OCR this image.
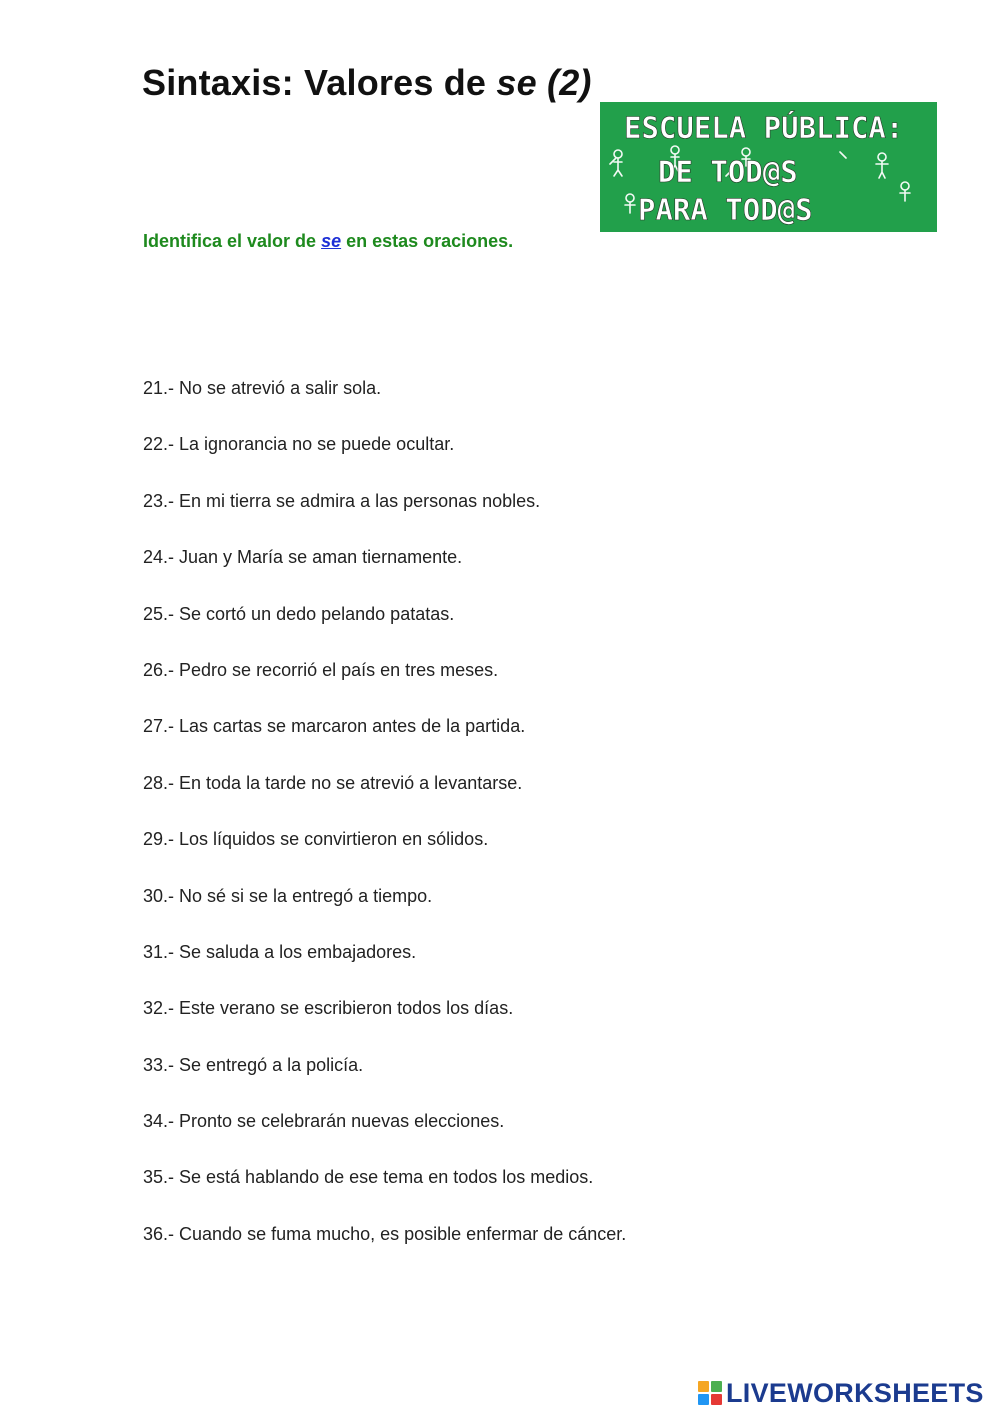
Sintaxis: Valores de se (2)
ESCUELA PÚBLICA:
DE TOD@S
PARA TOD@S

Identifica el valor de se en estas oraciones.

21.- No se atrevió a salir sola.
22.- La ignorancia no se puede ocultar.
23.- En mi tierra se admira a las personas nobles.
24.- Juan y María se aman tiernamente.
25.- Se cortó un dedo pelando patatas.
26.- Pedro se recorrió el país en tres meses.
27.- Las cartas se marcaron antes de la partida.
28.- En toda la tarde no se atrevió a levantarse.
29.- Los líquidos se convirtieron en sólidos.
30.- No sé si se la entregó a tiempo.
31.- Se saluda a los embajadores.
32.- Este verano se escribieron todos los días.
33.- Se entregó a la policía.
34.- Pronto se celebrarán nuevas elecciones.
35.- Se está hablando de ese tema en todos los medios.
36.- Cuando se fuma mucho, es posible enfermar de cáncer.
LIVEWORKSHEETS
